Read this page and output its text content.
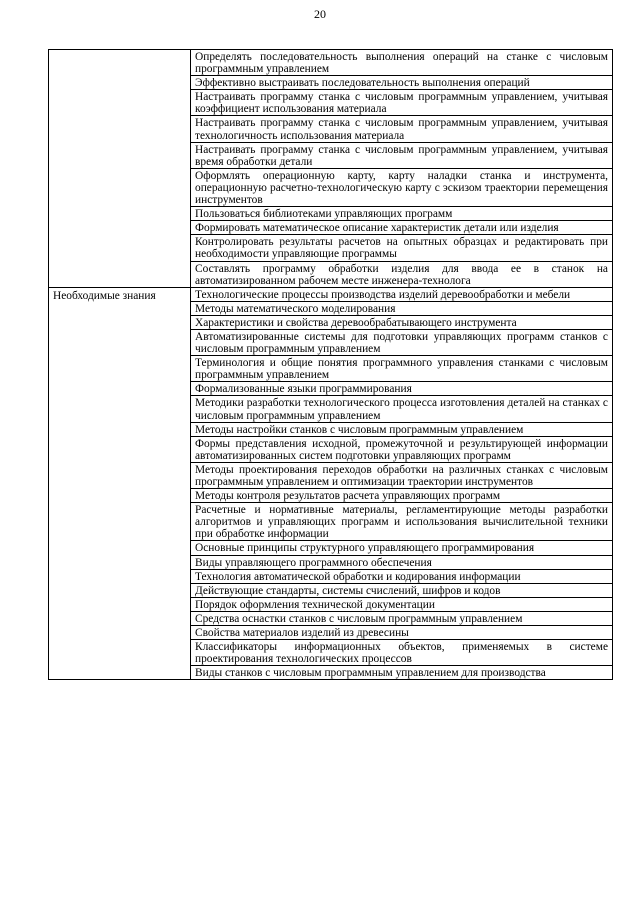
20
	Определять последовательность выполнения операций на станке с числовым программным управлением
	Эффективно выстраивать последовательность выполнения операций
	Настраивать программу станка с числовым программным управлением, учитывая коэффициент использования материала
	Настраивать программу станка с числовым программным управлением, учитывая технологичность использования материала
	Настраивать программу станка с числовым программным управлением, учитывая время обработки детали
	Оформлять операционную карту, карту наладки станка и инструмента, операционную расчетно-технологическую карту с эскизом траектории перемещения инструментов
	Пользоваться библиотеками управляющих программ
	Формировать математическое описание характеристик детали или изделия
	Контролировать результаты расчетов на опытных образцах и редактировать при необходимости управляющие программы
	Составлять программу обработки изделия для ввода ее в станок на автоматизированном рабочем месте инженера-технолога
Необходимые знания	Технологические процессы производства изделий деревообработки и мебели
	Методы математического моделирования
	Характеристики и свойства деревообрабатывающего инструмента
	Автоматизированные системы для подготовки управляющих программ станков с числовым программным управлением
	Терминология и общие понятия программного управления станками с числовым программным управлением
	Формализованные языки программирования
	Методики разработки технологического процесса изготовления деталей на станках с числовым программным управлением
	Методы настройки станков с числовым программным управлением
	Формы представления исходной, промежуточной и результирующей информации автоматизированных систем подготовки управляющих программ
	Методы проектирования переходов обработки на различных станках с числовым программным управлением и оптимизации траектории инструментов
	Методы контроля результатов расчета управляющих программ
	Расчетные и нормативные материалы, регламентирующие методы разработки алгоритмов и управляющих программ и использования вычислительной техники при обработке информации
	Основные принципы структурного управляющего программирования
	Виды управляющего программного обеспечения
	Технология автоматической обработки и кодирования информации
	Действующие стандарты, системы счислений, шифров и кодов
	Порядок оформления технической документации
	Средства оснастки станков с числовым программным управлением
	Свойства материалов изделий из древесины
	Классификаторы информационных объектов, применяемых в системе проектирования технологических процессов
	Виды станков с числовым программным управлением для производства
